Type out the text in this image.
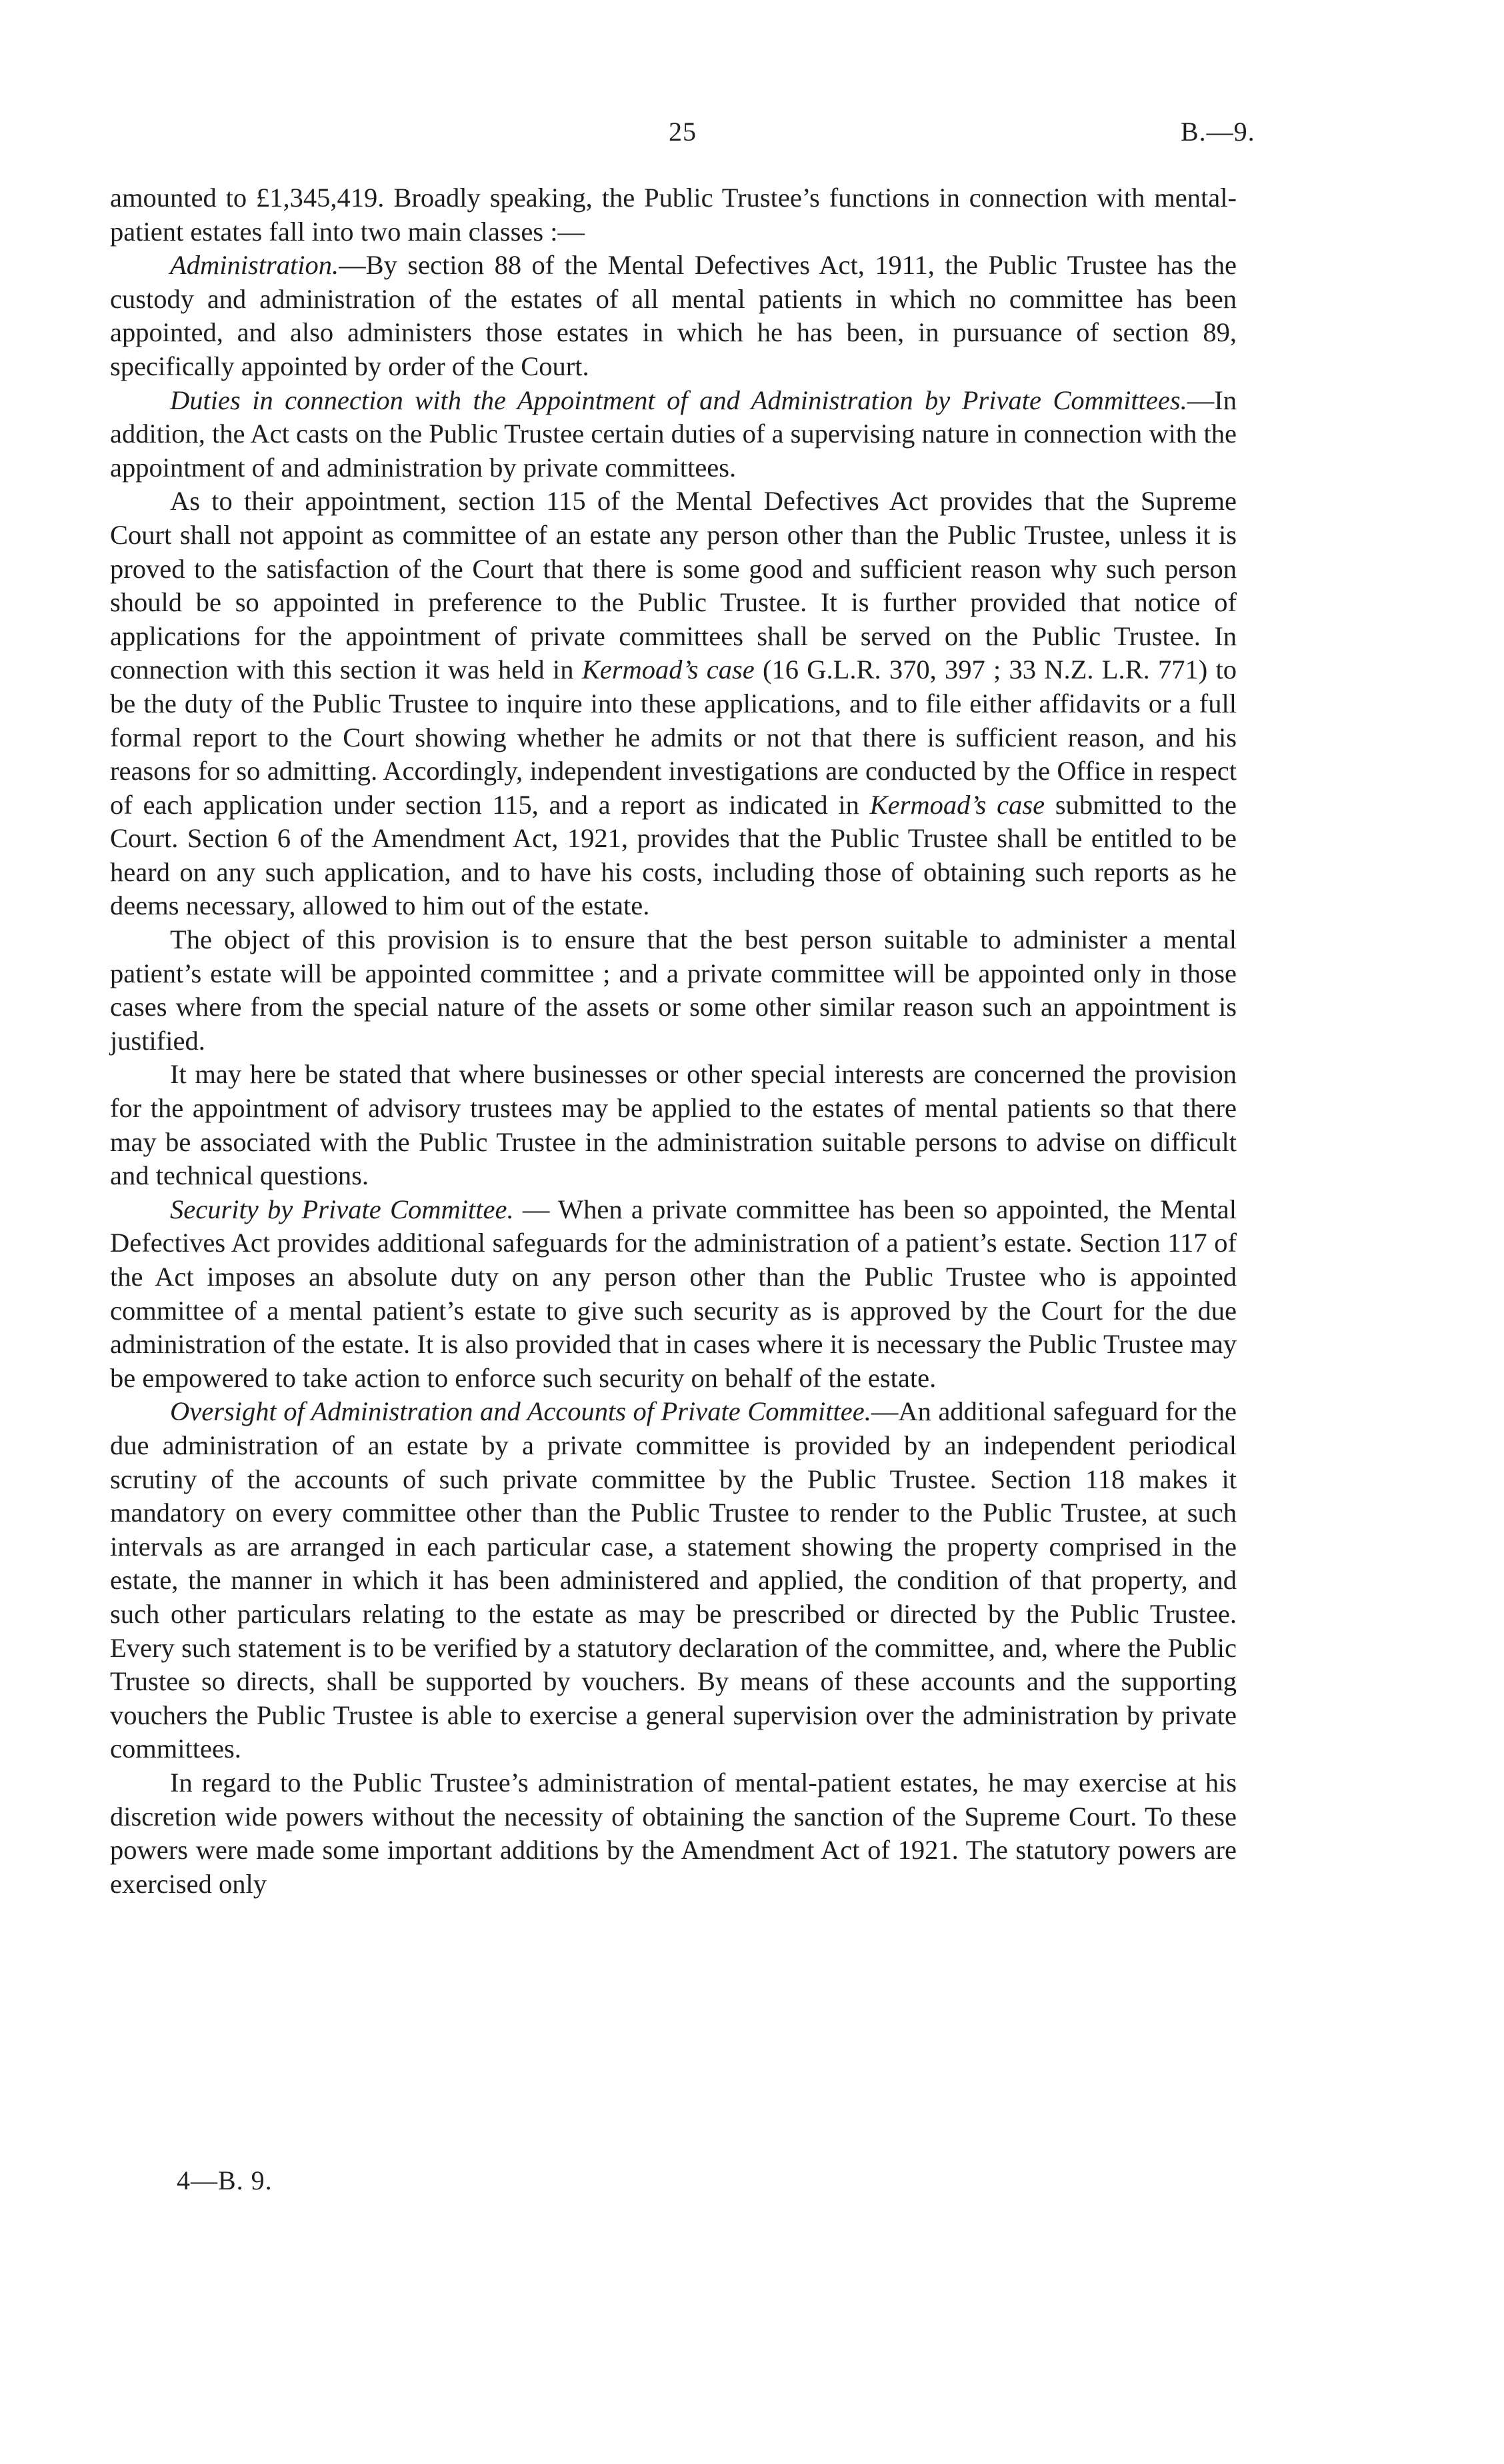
25	B.—9.

amounted to £1,345,419. Broadly speaking, the Public Trustee’s functions in connection with mental-patient estates fall into two main classes :—

Administration.—By section 88 of the Mental Defectives Act, 1911, the Public Trustee has the custody and administration of the estates of all mental patients in which no committee has been appointed, and also administers those estates in which he has been, in pursuance of section 89, specifically appointed by order of the Court.

Duties in connection with the Appointment of and Administration by Private Committees.—In addition, the Act casts on the Public Trustee certain duties of a supervising nature in connection with the appointment of and administration by private committees.

As to their appointment, section 115 of the Mental Defectives Act provides that the Supreme Court shall not appoint as committee of an estate any person other than the Public Trustee, unless it is proved to the satisfaction of the Court that there is some good and sufficient reason why such person should be so appointed in preference to the Public Trustee. It is further provided that notice of applications for the appointment of private committees shall be served on the Public Trustee. In connection with this section it was held in Kermoad’s case (16 G.L.R. 370, 397 ; 33 N.Z. L.R. 771) to be the duty of the Public Trustee to inquire into these applications, and to file either affidavits or a full formal report to the Court showing whether he admits or not that there is sufficient reason, and his reasons for so admitting. Accordingly, independent investigations are conducted by the Office in respect of each application under section 115, and a report as indicated in Kermoad’s case submitted to the Court. Section 6 of the Amendment Act, 1921, provides that the Public Trustee shall be entitled to be heard on any such application, and to have his costs, including those of obtaining such reports as he deems necessary, allowed to him out of the estate.

The object of this provision is to ensure that the best person suitable to administer a mental patient’s estate will be appointed committee ; and a private committee will be appointed only in those cases where from the special nature of the assets or some other similar reason such an appointment is justified.

It may here be stated that where businesses or other special interests are concerned the provision for the appointment of advisory trustees may be applied to the estates of mental patients so that there may be associated with the Public Trustee in the administration suitable persons to advise on difficult and technical questions.

Security by Private Committee. — When a private committee has been so appointed, the Mental Defectives Act provides additional safeguards for the administration of a patient’s estate. Section 117 of the Act imposes an absolute duty on any person other than the Public Trustee who is appointed committee of a mental patient’s estate to give such security as is approved by the Court for the due administration of the estate. It is also provided that in cases where it is necessary the Public Trustee may be empowered to take action to enforce such security on behalf of the estate.

Oversight of Administration and Accounts of Private Committee.—An additional safeguard for the due administration of an estate by a private committee is provided by an independent periodical scrutiny of the accounts of such private committee by the Public Trustee. Section 118 makes it mandatory on every committee other than the Public Trustee to render to the Public Trustee, at such intervals as are arranged in each particular case, a statement showing the property comprised in the estate, the manner in which it has been administered and applied, the condition of that property, and such other particulars relating to the estate as may be prescribed or directed by the Public Trustee. Every such statement is to be verified by a statutory declaration of the committee, and, where the Public Trustee so directs, shall be supported by vouchers. By means of these accounts and the supporting vouchers the Public Trustee is able to exercise a general supervision over the administration by private committees.

In regard to the Public Trustee’s administration of mental-patient estates, he may exercise at his discretion wide powers without the necessity of obtaining the sanction of the Supreme Court. To these powers were made some important additions by the Amendment Act of 1921. The statutory powers are exercised only

4—B. 9.
